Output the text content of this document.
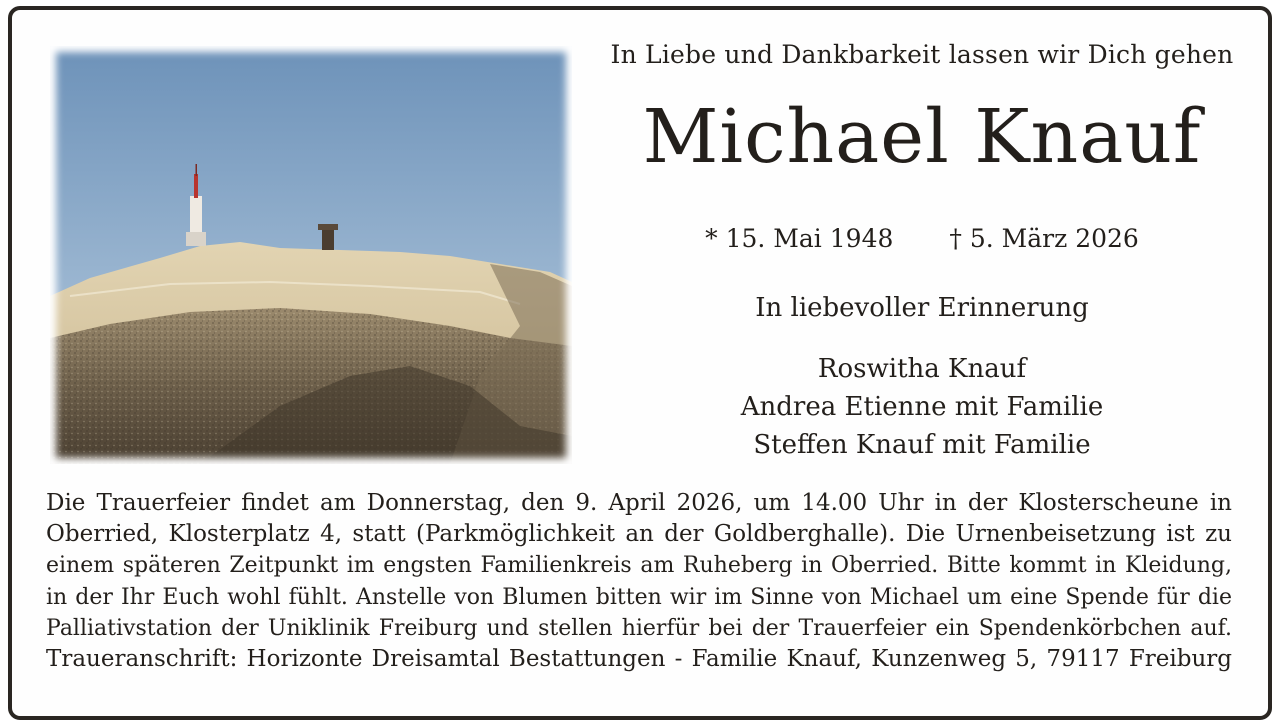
In Liebe und Dankbarkeit lassen wir Dich gehen
Michael Knauf
* 15. Mai 1948 † 5. März 2026
In liebevoller Erinnerung
Roswitha Knauf
Andrea Etienne mit Familie
Steffen Knauf mit Familie
Die Trauerfeier findet am Donnerstag, den 9. April 2026, um 14.00 Uhr in der Klosterscheune in
Oberried, Klosterplatz 4, statt (Parkmöglichkeit an der Goldberghalle). Die Urnenbeisetzung ist zu
einem späteren Zeitpunkt im engsten Familienkreis am Ruheberg in Oberried. Bitte kommt in Kleidung,
in der Ihr Euch wohl fühlt. Anstelle von Blumen bitten wir im Sinne von Michael um eine Spende für die
Palliativstation der Uniklinik Freiburg und stellen hierfür bei der Trauerfeier ein Spendenkörbchen auf.
Traueranschrift: Horizonte Dreisamtal Bestattungen - Familie Knauf, Kunzenweg 5, 79117 Freiburg
